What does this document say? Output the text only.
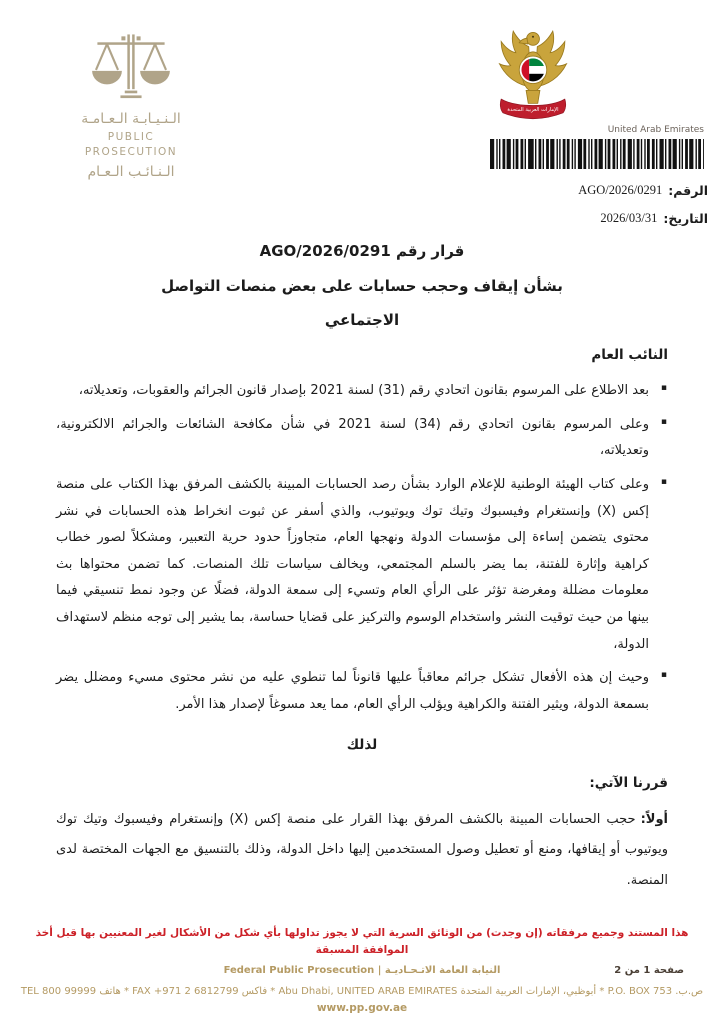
الـنـيـابـة الـعـامـة
PUBLIC PROSECUTION
الـنـائـب الـعـام
الإمارات العربية المتحدة
United Arab Emirates
الرقم:
AGO/2026/0291
التاريخ:
2026/03/31
قرار رقم AGO/2026/0291
بشأن إيقاف وحجب حسابات على بعض منصات التواصل
الاجتماعي
النائب العام
▪ بعد الاطلاع على المرسوم بقانون اتحادي رقم (31) لسنة 2021 بإصدار قانون الجرائم والعقوبات، وتعديلاته،
▪ وعلى المرسوم بقانون اتحادي رقم (34) لسنة 2021 في شأن مكافحة الشائعات والجرائم الالكترونية، وتعديلاته،
▪ وعلى كتاب الهيئة الوطنية للإعلام الوارد بشأن رصد الحسابات المبينة بالكشف المرفق بهذا الكتاب على منصة إكس (X) وإنستغرام وفيسبوك وتيك توك ويوتيوب، والذي أسفر عن ثبوت انخراط هذه الحسابات في نشر محتوى يتضمن إساءة إلى مؤسسات الدولة ونهجها العام، متجاوزاً حدود حرية التعبير، ومشكلاً لصور خطاب كراهية وإثارة للفتنة، بما يضر بالسلم المجتمعي، ويخالف سياسات تلك المنصات. كما تضمن محتواها بث معلومات مضللة ومغرضة تؤثر على الرأي العام وتسيء إلى سمعة الدولة، فضلًا عن وجود نمط تنسيقي فيما بينها من حيث توقيت النشر واستخدام الوسوم والتركيز على قضايا حساسة، بما يشير إلى توجه منظم لاستهداف الدولة،
▪ وحيث إن هذه الأفعال تشكل جرائم معاقباً عليها قانوناً لما تنطوي عليه من نشر محتوى مسيء ومضلل يضر بسمعة الدولة، ويثير الفتنة والكراهية ويؤلب الرأي العام، مما يعد مسوغاً لإصدار هذا الأمر.
لذلك
قررنا الآتي:

أولاً:حجب الحسابات المبينة بالكشف المرفق بهذا القرار على منصة إكس (X) وإنستغرام وفيسبوك وتيك توك ويوتيوب أو إيقافها، ومنع أو تعطيل وصول المستخدمين إليها داخل الدولة، وذلك بالتنسيق مع الجهات المختصة لدى المنصة.

هذا المستند وجميع مرفقاته (إن وجدت) من الوثائق السرية التي لا يجوز تداولها بأي شكل من الأشكال لغير المعنيين بها قبل أخذ الموافقة المسبقة
صفحة 1 من 2
النيابة العامة الاتـحـاديـة | Federal Public Prosecution
ص.ب. P.O. BOX 753 * أبوظبي، الإمارات العربية المتحدة Abu Dhabi, UNITED ARAB EMIRATES * فاكس FAX +971 2 6812799 * هاتف TEL 800 99999
www.pp.gov.ae
